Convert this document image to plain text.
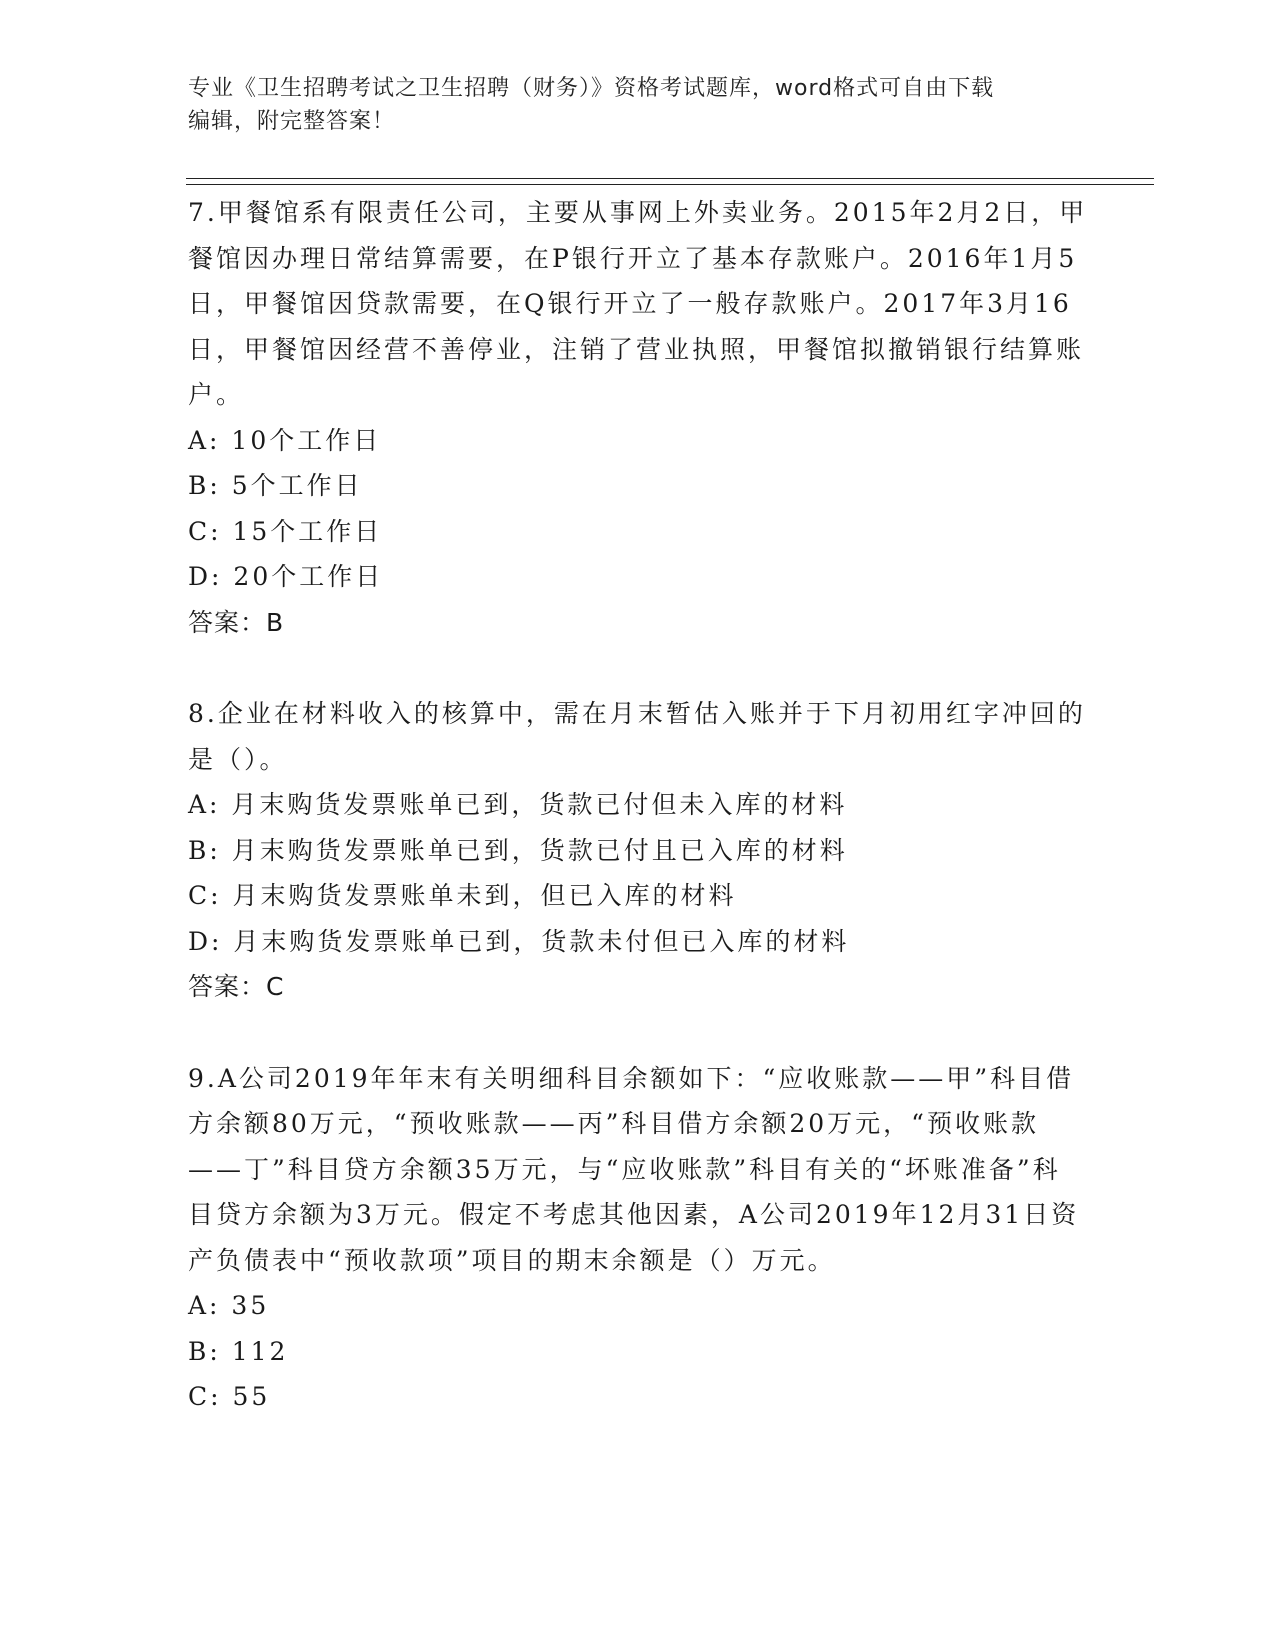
专业《卫生招聘考试之卫生招聘（财务）》资格考试题库，word格式可自由下载
编辑，附完整答案！

7.甲餐馆系有限责任公司，主要从事网上外卖业务。2015年2月2日，甲餐馆因办理日常结算需要，在P银行开立了基本存款账户。2016年1月5日，甲餐馆因贷款需要，在Q银行开立了一般存款账户。2017年3月16日，甲餐馆因经营不善停业，注销了营业执照，甲餐馆拟撤销银行结算账户。

A: 10个工作日

B: 5个工作日

C: 15个工作日

D: 20个工作日

答案：B

8.企业在材料收入的核算中，需在月末暂估入账并于下月初用红字冲回的是（）。

A: 月末购货发票账单已到，货款已付但未入库的材料

B: 月末购货发票账单已到，货款已付且已入库的材料

C: 月末购货发票账单未到，但已入库的材料

D: 月末购货发票账单已到，货款未付但已入库的材料

答案：C

9.A公司2019年年末有关明细科目余额如下：“应收账款——甲”科目借方余额80万元，“预收账款——丙”科目借方余额20万元，“预收账款——丁”科目贷方余额35万元，与“应收账款”科目有关的“坏账准备”科目贷方余额为3万元。假定不考虑其他因素，A公司2019年12月31日资产负债表中“预收款项”项目的期末余额是（）万元。

A: 35

B: 112

C: 55
